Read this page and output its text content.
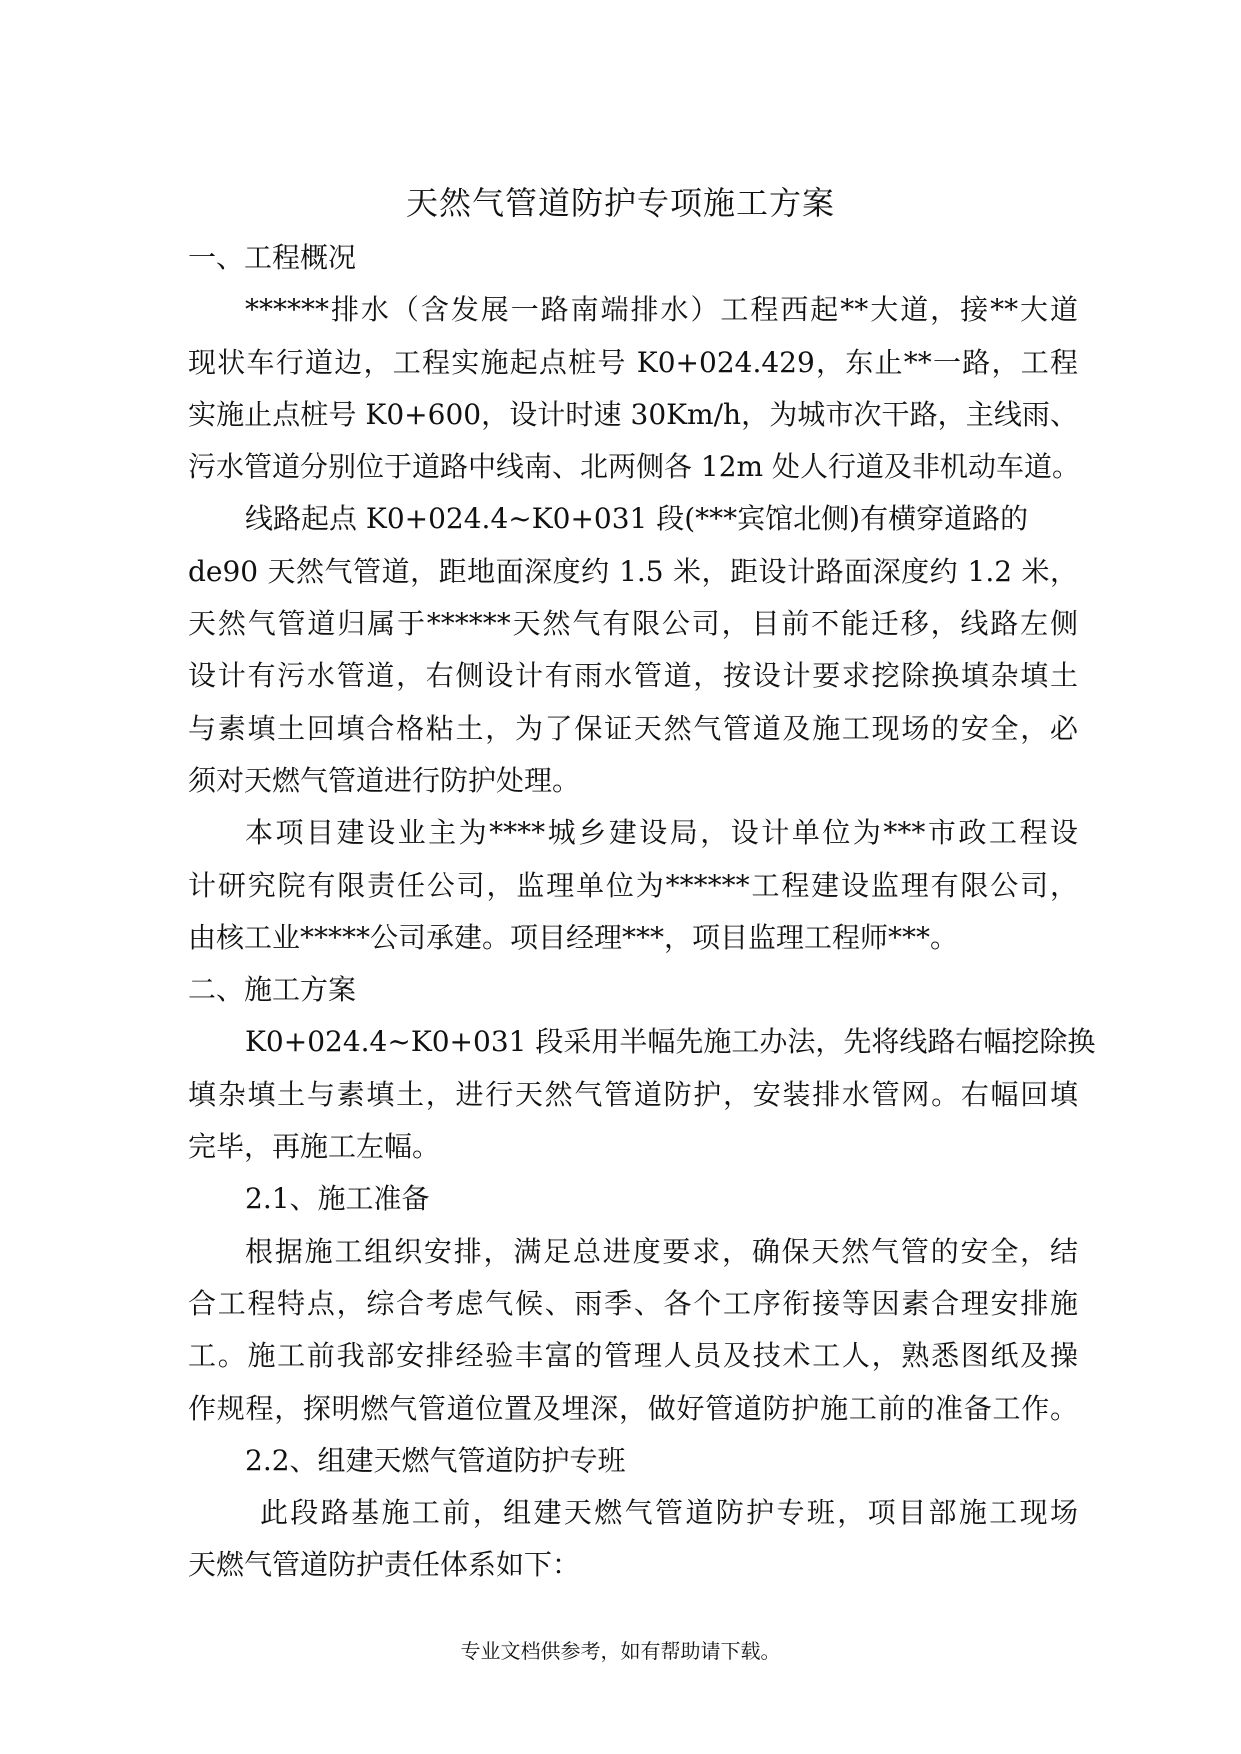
天然气管道防护专项施工方案
一、工程概况
******排水（含发展一路南端排水）工程西起**大道，接**大道
现状车行道边，工程实施起点桩号 K0+024.429，东止**一路，工程
实施止点桩号 K0+600，设计时速 30Km/h，为城市次干路，主线雨、
污水管道分别位于道路中线南、北两侧各 12m 处人行道及非机动车道。
线路起点 K0+024.4~K0+031 段(***宾馆北侧)有横穿道路的
de90 天然气管道，距地面深度约 1.5 米，距设计路面深度约 1.2 米，
天然气管道归属于******天然气有限公司，目前不能迁移，线路左侧
设计有污水管道，右侧设计有雨水管道，按设计要求挖除换填杂填土
与素填土回填合格粘土，为了保证天然气管道及施工现场的安全，必
须对天燃气管道进行防护处理。
本项目建设业主为****城乡建设局，设计单位为***市政工程设
计研究院有限责任公司，监理单位为******工程建设监理有限公司，
由核工业*****公司承建。项目经理***，项目监理工程师***。
二、施工方案
K0+024.4~K0+031 段采用半幅先施工办法，先将线路右幅挖除换
填杂填土与素填土，进行天然气管道防护，安装排水管网。右幅回填
完毕，再施工左幅。
2.1、施工准备
根据施工组织安排，满足总进度要求，确保天然气管的安全，结
合工程特点，综合考虑气候、雨季、各个工序衔接等因素合理安排施
工。施工前我部安排经验丰富的管理人员及技术工人，熟悉图纸及操
作规程，探明燃气管道位置及埋深，做好管道防护施工前的准备工作。
2.2、组建天燃气管道防护专班
此段路基施工前，组建天燃气管道防护专班，项目部施工现场
天燃气管道防护责任体系如下：
专业文档供参考，如有帮助请下载。
